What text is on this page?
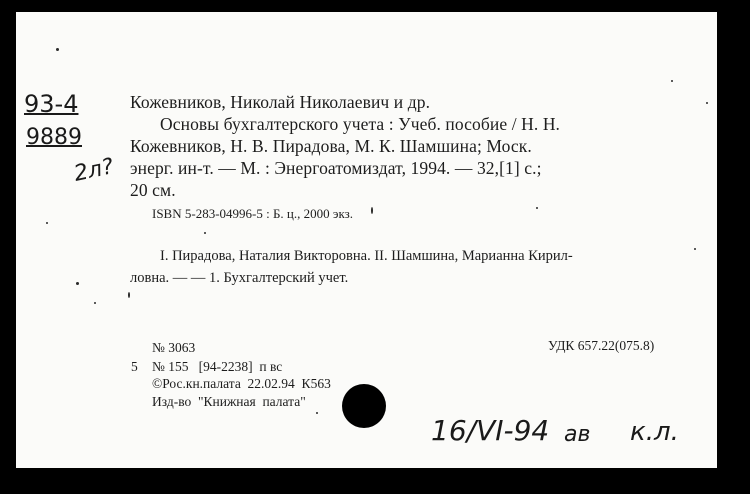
93-4
9889
2л?
Кожевников, Николай Николаевич и др.
Основы бухгалтерского учета : Учеб. пособие / Н. Н.
Кожевников, Н. В. Пирадова, М. К. Шамшина; Моск.
энерг. ин-т. — М. : Энергоатомиздат, 1994. — 32,[1] с.;
20 см.
ISBN 5-283-04996-5 : Б. ц., 2000 экз.
I. Пирадова, Наталия Викторовна. II. Шамшина, Марианна Кирил-
ловна. — — 1. Бухгалтерский учет.
№ 3063	УДК 657.22(075.8)
5 № 155   [94-2238]  п вс
©Рос.кн.палата  22.02.94  К563
Изд-во  "Книжная  палата"
16/VI-94 ав к.л.
